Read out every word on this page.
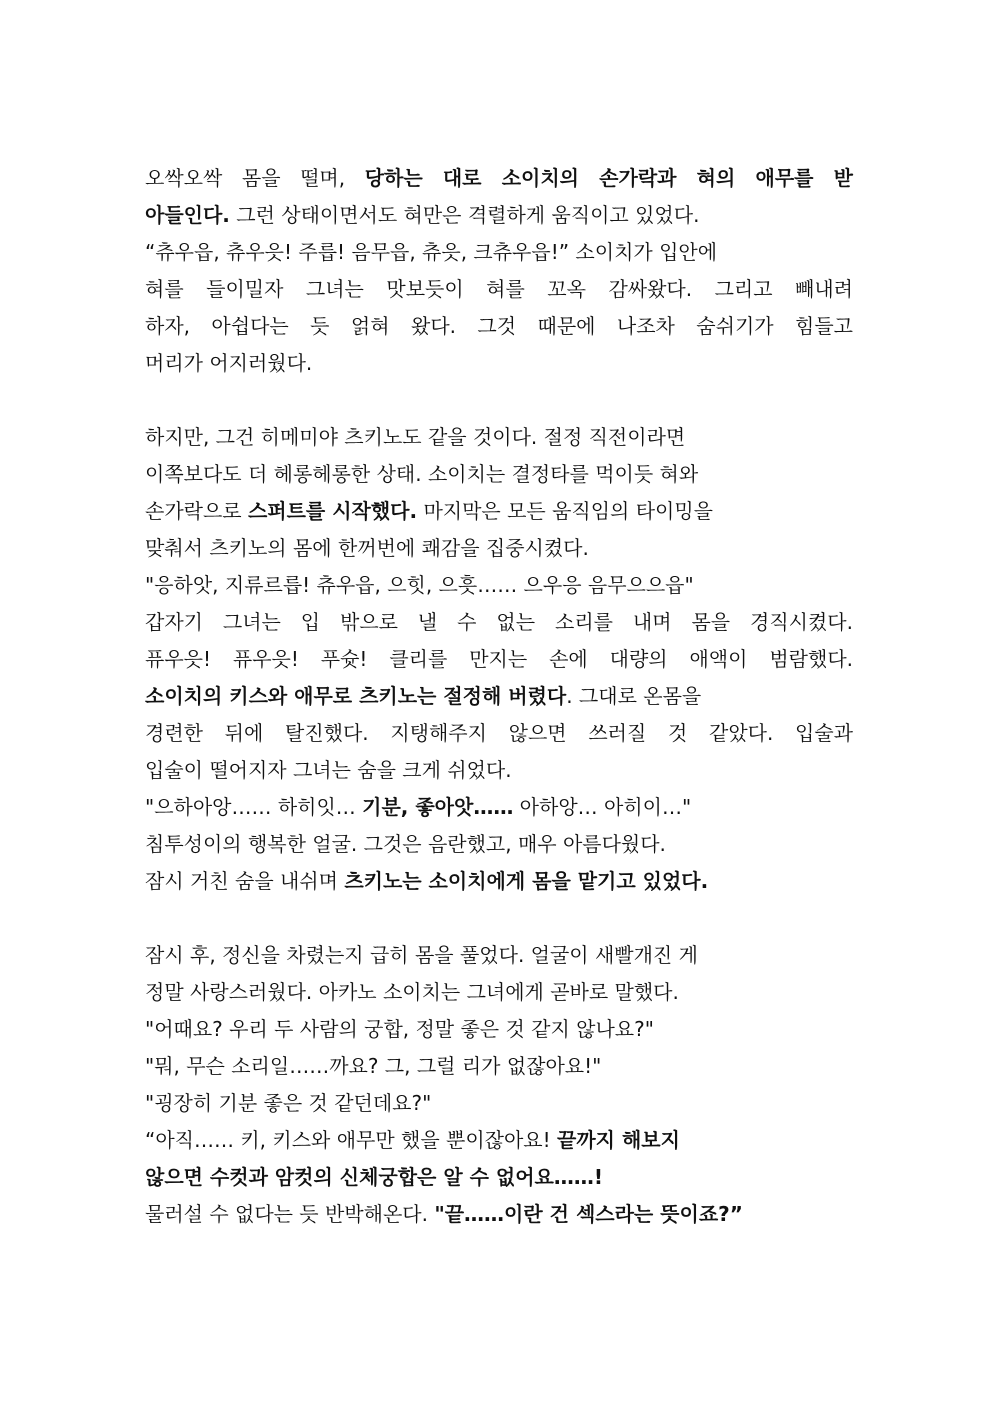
오싹오싹 몸을 떨며, 당하는 대로 소이치의 손가락과 혀의 애무를 받
아들인다. 그런 상태이면서도 혀만은 격렬하게 움직이고 있었다.
“츄우읍, 츄우읏! 주릅! 음무읍, 츄읏, 크츄우읍!” 소이치가 입안에
혀를 들이밀자 그녀는 맛보듯이 혀를 꼬옥 감싸왔다. 그리고 빼내려
하자, 아쉽다는 듯 얽혀 왔다. 그것 때문에 나조차 숨쉬기가 힘들고
머리가 어지러웠다.
하지만, 그건 히메미야 츠키노도 같을 것이다. 절정 직전이라면
이쪽보다도 더 헤롱헤롱한 상태. 소이치는 결정타를 먹이듯 혀와
손가락으로 스퍼트를 시작했다. 마지막은 모든 움직임의 타이밍을
맞춰서 츠키노의 몸에 한꺼번에 쾌감을 집중시켰다.
"응하앗, 지류르릅! 츄우읍, 으힛, 으흣…… 으우응 음무으으읍"
갑자기 그녀는 입 밖으로 낼 수 없는 소리를 내며 몸을 경직시켰다.
퓨우읏! 퓨우읏! 푸슛! 클리를 만지는 손에 대량의 애액이 범람했다.
소이치의 키스와 애무로 츠키노는 절정해 버렸다. 그대로 온몸을
경련한 뒤에 탈진했다. 지탱해주지 않으면 쓰러질 것 같았다. 입술과
입술이 떨어지자 그녀는 숨을 크게 쉬었다.
"으하아앙…… 하히잇… 기분, 좋아앗…… 아하앙… 아히이…"
침투성이의 행복한 얼굴. 그것은 음란했고, 매우 아름다웠다.
잠시 거친 숨을 내쉬며 츠키노는 소이치에게 몸을 맡기고 있었다.
잠시 후, 정신을 차렸는지 급히 몸을 풀었다. 얼굴이 새빨개진 게
정말 사랑스러웠다. 아카노 소이치는 그녀에게 곧바로 말했다.
"어때요? 우리 두 사람의 궁합, 정말 좋은 것 같지 않나요?"
"뭐, 무슨 소리일……까요? 그, 그럴 리가 없잖아요!"
"굉장히 기분 좋은 것 같던데요?"
“아직…… 키, 키스와 애무만 했을 뿐이잖아요! 끝까지 해보지
않으면 수컷과 암컷의 신체궁합은 알 수 없어요……!
물러설 수 없다는 듯 반박해온다. "끝……이란 건 섹스라는 뜻이죠?”
